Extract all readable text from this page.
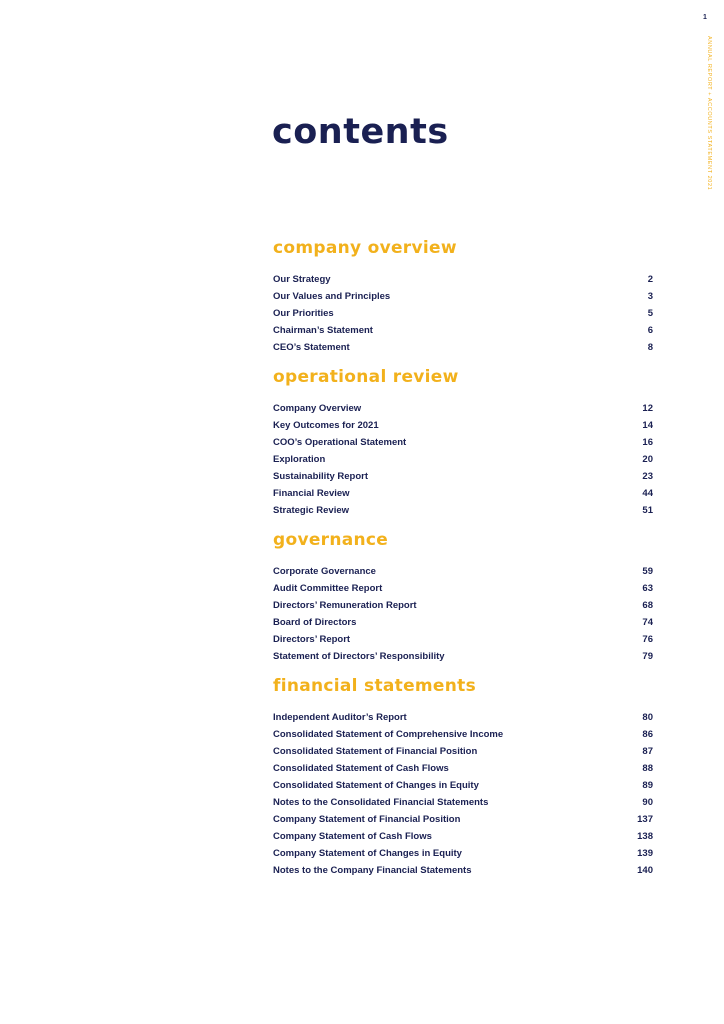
1
ANNUAL REPORT + ACCOUNTS STATEMENT 2021
contents
company overview
Our Strategy	2
Our Values and Principles	3
Our Priorities	5
Chairman’s Statement	6
CEO’s Statement	8
operational review
Company Overview	12
Key Outcomes for 2021	14
COO’s Operational Statement	16
Exploration	20
Sustainability Report	23
Financial Review	44
Strategic Review	51
governance
Corporate Governance	59
Audit Committee Report	63
Directors’ Remuneration Report	68
Board of Directors	74
Directors’ Report	76
Statement of Directors’ Responsibility	79
financial statements
Independent Auditor’s Report	80
Consolidated Statement of Comprehensive Income	86
Consolidated Statement of Financial Position	87
Consolidated Statement of Cash Flows	88
Consolidated Statement of Changes in Equity	89
Notes to the Consolidated Financial Statements	90
Company Statement of Financial Position	137
Company Statement of Cash Flows	138
Company Statement of Changes in Equity	139
Notes to the Company Financial Statements	140
